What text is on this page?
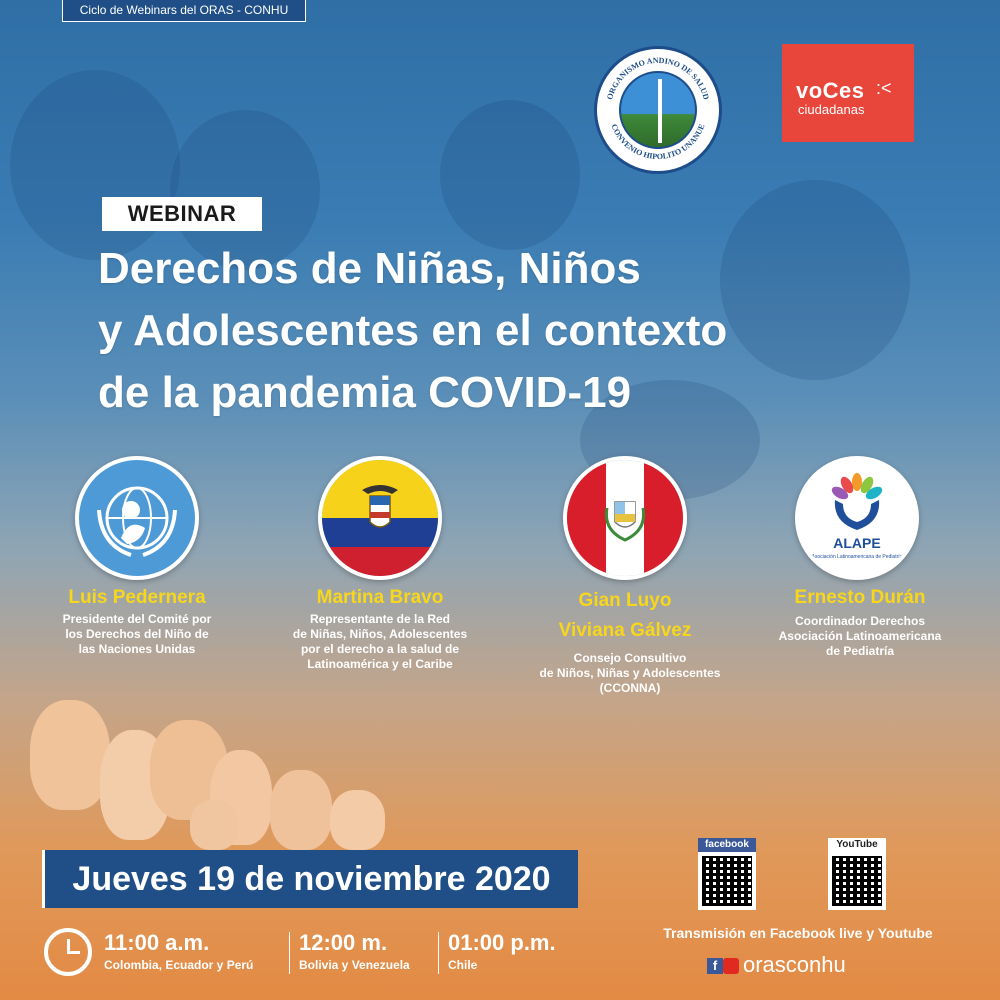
Ciclo de Webinars del ORAS - CONHU
ORGANISMO ANDINO DE SALUD
CONVENIO HIPOLITO UNANUE
voCes :<
ciudadanas
WEBINAR
Derechos de Niñas, Niños
y Adolescentes en el contexto
de la pandemia COVID-19
ALAPE
Asociación Latinoamericana de Pediatría
Luis Pedernera
Presidente del Comité por
los Derechos del Niño de
las Naciones Unidas
Martina Bravo
Representante de la Red
de Niñas, Niños, Adolescentes
por el derecho a la salud de
Latinoamérica y el Caribe
Gian Luyo
Viviana Gálvez
Consejo Consultivo
de Niños, Niñas y Adolescentes
(CCONNA)
Ernesto Durán
Coordinador Derechos
Asociación Latinoamericana
de Pediatría
Jueves 19 de noviembre 2020
11:00 a.m.
Colombia, Ecuador y Perú
12:00 m.
Bolivia y Venezuela
01:00 p.m.
Chile
facebook	YouTube
Transmisión en Facebook live y Youtube
f orasconhu
